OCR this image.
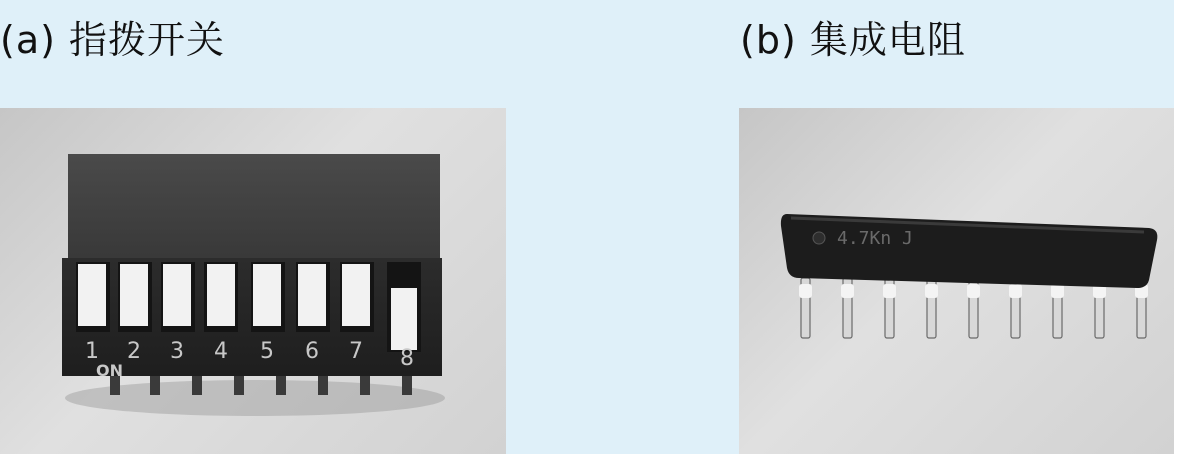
(a) 指拨开关	(b) 集成电阻
1 2 3 4 5 6 7 8
ON
4.7Kn J
